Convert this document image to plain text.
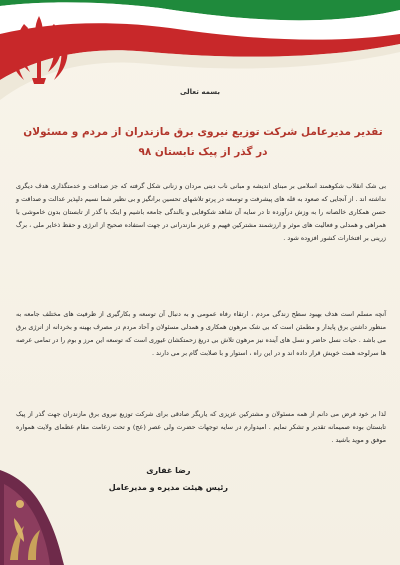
بسمه تعالی
تقدیر مدیرعامل شرکت توزیع نیروی برق مازندران از مردم و مسئولان
در گذر از پیک تابستان ۹۸
بی شک انقلاب شکوهمند اسلامی بر مبنای اندیشه و مبانی ناب دینی مردان و زنانی شکل گرفته که جز صداقت و خدمتگذاری هدف دیگری نداشته اند . از آنجایی که صعود به قله های پیشرفت و توسعه در پرتو تلاشهای تحسین برانگیز و بی نظیر شما نسیم دلپذیر عدالت و صداقت و حسن همکاری خالصانه را به وزش درآورده تا در سایه آن شاهد شکوفایی و بالندگی جامعه باشیم و اینک با گذر از تابستان بدون خاموشی با همراهی و همدلی و فعالیت های موثر و ارزشمند مشترکین فهیم و عزیز مازندرانی در جهت استفاده صحیح از انرژی و حفظ ذخایر ملی ، برگ زرینی بر افتخارات کشور افزوده شود .
آنچه مسلم است هدف بهبود سطح زندگی مردم ، ارتقاء رفاه عمومی و به دنبال آن توسعه و بکارگیری از ظرفیت های مختلف جامعه به منظور داشتن برق پایدار و مطمئن است که بی شک مرهون همکاری و همدلی مسئولان و آحاد مردم در مصرف بهینه و بخردانه از انرژی برق می باشد . حیات نسل حاضر و نسل های آینده نیز مرهون تلاش بی دریغ زحمتکشان غیوری است که توسعه این مرز و بوم را در تمامی عرصه ها سرلوحه همت خویش قرار داده اند و در این راه ، استوار و با صلابت گام بر می دارند .
لذا بر خود فرض می دانم از همه مسئولان و مشترکین عزیزی که یاریگر صادقی برای شرکت توزیع نیروی برق مازندران جهت گذر از پیک تابستان بوده صمیمانه تقدیر و تشکر نمایم . امیدوارم در سایه توجهات حضرت ولی عصر (عج) و تحت زعامت مقام عظمای ولایت همواره موفق و موید باشید .
رضا غفاری
رئیس هیئت مدیره و مدیرعامل
